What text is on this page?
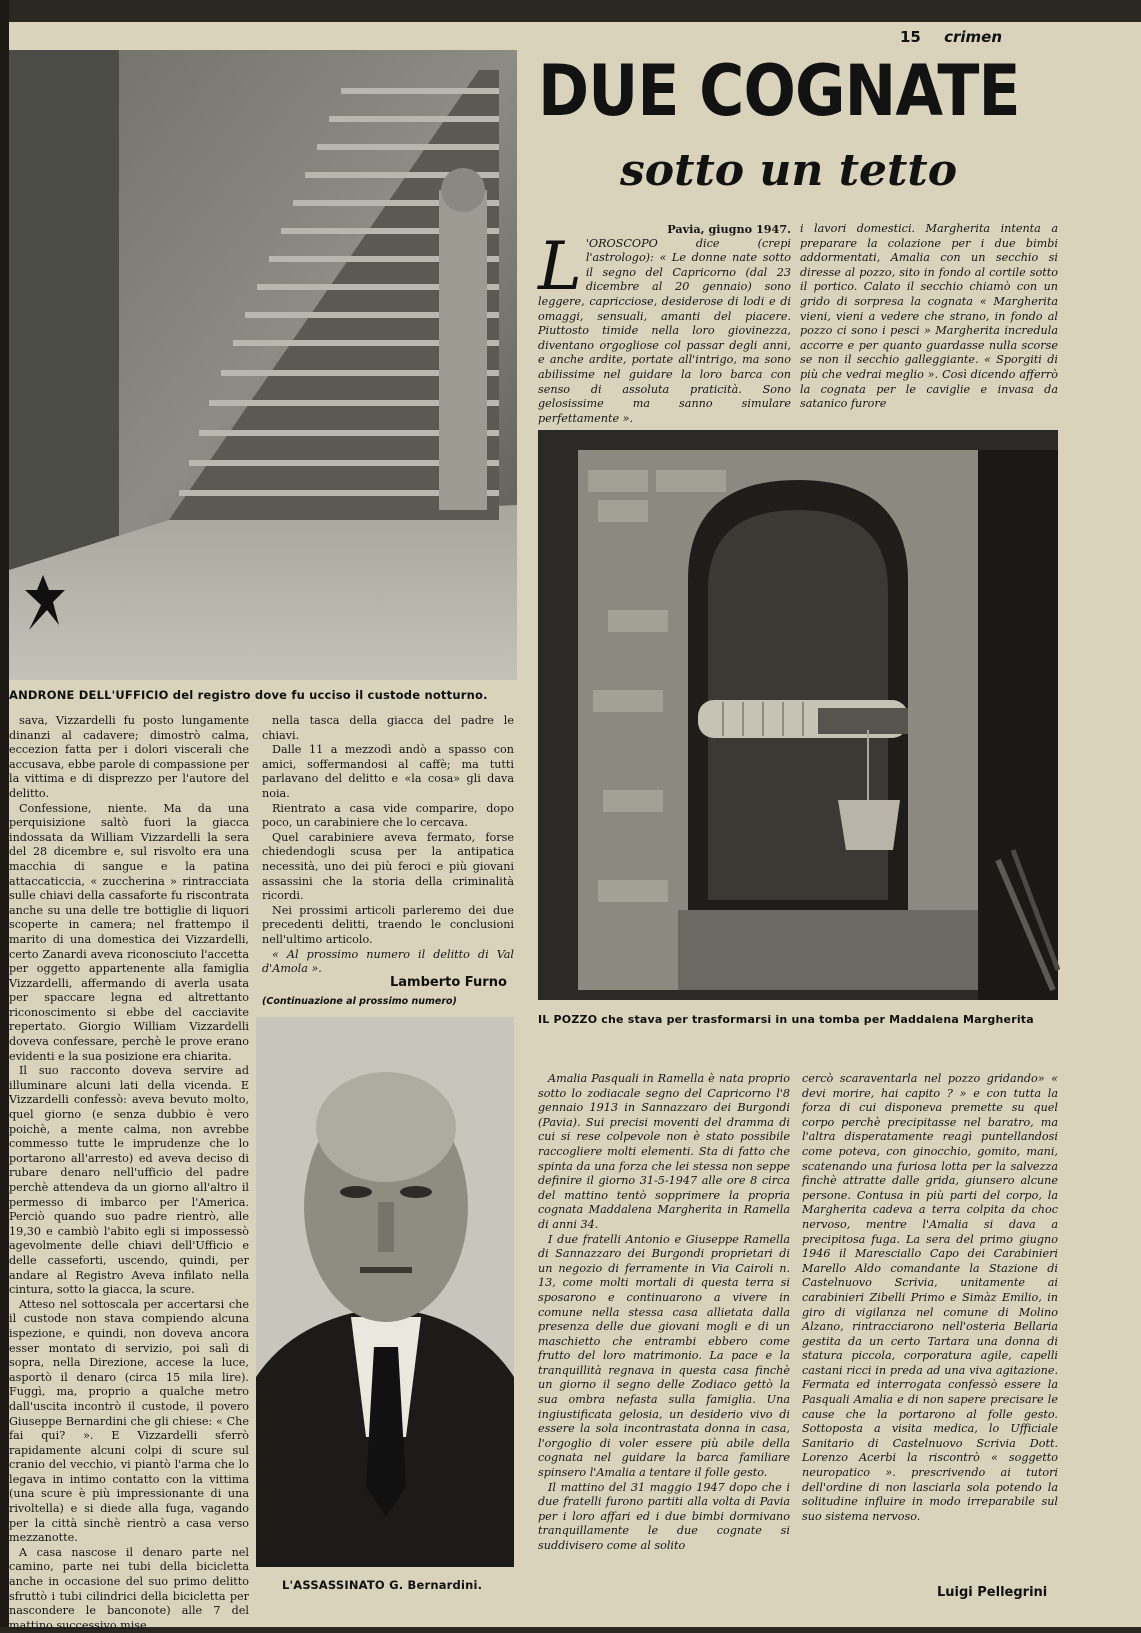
15 crimen
ANDRONE DELL'UFFICIO del registro dove fu ucciso il custode notturno.
DUE COGNATE
sotto un tetto
Pavia, giugno 1947.
L 'OROSCOPO dice (crepi l'astrologo): « Le donne nate sotto il segno del Capricorno (dal 23 dicembre al 20 gennaio) sono leggere, capricciose, desiderose di lodi e di omaggi, sensuali, amanti del piacere. Piuttosto timide nella loro giovinezza, diventano orgogliose col passar degli anni, e anche ardite, portate all'intrigo, ma sono abilissime nel guidare la loro barca con senso di assoluta praticità. Sono gelosissime ma sanno simulare perfettamente ».
i lavori domestici. Margherita intenta a preparare la colazione per i due bimbi addormentati, Amalia con un secchio si diresse al pozzo, sito in fondo al cortile sotto il portico. Calato il secchio chiamò con un grido di sorpresa la cognata « Margherita vieni, vieni a vedere che strano, in fondo al pozzo ci sono i pesci » Margherita incredula accorre e per quanto guardasse nulla scorse se non il secchio galleggiante. « Sporgiti di più che vedrai meglio ». Così dicendo afferrò la cognata per le caviglie e invasa da satanico furore
IL POZZO che stava per trasformarsi in una tomba per Maddalena Margherita

sava, Vizzardelli fu posto lungamente dinanzi al cadavere; dimostrò calma, eccezion fatta per i dolori viscerali che accusava, ebbe parole di compassione per la vittima e di disprezzo per l'autore del delitto.

Confessione, niente. Ma da una perquisizione saltò fuori la giacca indossata da William Vizzardelli la sera del 28 dicembre e, sul risvolto era una macchia di sangue e la patina attaccaticcia, « zuccherina » rintracciata sulle chiavi della cassaforte fu riscontrata anche su una delle tre bottiglie di liquori scoperte in camera; nel frattempo il marito di una domestica dei Vizzardelli, certo Zanardi aveva riconosciuto l'accetta per oggetto appartenente alla famiglia Vizzardelli, affermando di averla usata per spaccare legna ed altrettanto riconoscimento si ebbe del cacciavite repertato. Giorgio William Vizzardelli doveva confessare, perchè le prove erano evidenti e la sua posizione era chiarita.

Il suo racconto doveva servire ad illuminare alcuni lati della vicenda. E Vizzardelli confessò: aveva bevuto molto, quel giorno (e senza dubbio è vero poichè, a mente calma, non avrebbe commesso tutte le imprudenze che lo portarono all'arresto) ed aveva deciso di rubare denaro nell'ufficio del padre perchè attendeva da un giorno all'altro il permesso di imbarco per l'America. Perciò quando suo padre rientrò, alle 19,30 e cambiò l'abito egli si impossessò agevolmente delle chiavi dell'Ufficio e delle casseforti, uscendo, quindi, per andare al Registro Aveva infilato nella cintura, sotto la giacca, la scure.

Atteso nel sottoscala per accertarsi che il custode non stava compiendo alcuna ispezione, e quindi, non doveva ancora esser montato di servizio, poi salì di sopra, nella Direzione, accese la luce, asportò il denaro (circa 15 mila lire). Fuggì, ma, proprio a qualche metro dall'uscita incontrò il custode, il povero Giuseppe Bernardini che gli chiese: « Che fai qui? ». E Vizzardelli sferrò rapidamente alcuni colpi di scure sul cranio del vecchio, vi piantò l'arma che lo legava in intimo contatto con la vittima (una scure è più impressionante di una rivoltella) e si diede alla fuga, vagando per la città sinchè rientrò a casa verso mezzanotte.

A casa nascose il denaro parte nel camino, parte nei tubi della bicicletta anche in occasione del suo primo delitto sfruttò i tubi cilindrici della bicicletta per nascondere le banconote) alle 7 del mattino successivo mise

nella tasca della giacca del padre le chiavi.

Dalle 11 a mezzodì andò a spasso con amici, soffermandosi al caffè; ma tutti parlavano del delitto e «la cosa» gli dava noia.

Rientrato a casa vide comparire, dopo poco, un carabiniere che lo cercava.

Quel carabiniere aveva fermato, forse chiedendogli scusa per la antipatica necessità, uno dei più feroci e più giovani assassini che la storia della criminalità ricordi.

Nei prossimi articoli parleremo dei due precedenti delitti, traendo le conclusioni nell'ultimo articolo.

« Al prossimo numero il delitto di Val d'Amola ».

Lamberto Furno
(Continuazione al prossimo numero)
L'ASSASSINATO G. Bernardini.

Amalia Pasquali in Ramella è nata proprio sotto lo zodiacale segno del Capricorno l'8 gennaio 1913 in Sannazzaro dei Burgondi (Pavia). Sui precisi moventi del dramma di cui si rese colpevole non è stato possibile raccogliere molti elementi. Sta di fatto che spinta da una forza che lei stessa non seppe definire il giorno 31-5-1947 alle ore 8 circa del mattino tentò sopprimere la propria cognata Maddalena Margherita in Ramella di anni 34.

I due fratelli Antonio e Giuseppe Ramella di Sannazzaro dei Burgondi proprietari di un negozio di ferramente in Via Cairoli n. 13, come molti mortali di questa terra si sposarono e continuarono a vivere in comune nella stessa casa allietata dalla presenza delle due giovani mogli e di un maschietto che entrambi ebbero come frutto del loro matrimonio. La pace e la tranquillità regnava in questa casa finchè un giorno il segno delle Zodiaco gettò la sua ombra nefasta sulla famiglia. Una ingiustificata gelosia, un desiderio vivo di essere la sola incontrastata donna in casa, l'orgoglio di voler essere più abile della cognata nel guidare la barca familiare spinsero l'Amalia a tentare il folle gesto.

Il mattino del 31 maggio 1947 dopo che i due fratelli furono partiti alla volta di Pavia per i loro affari ed i due bimbi dormivano tranquillamente le due cognate si suddivisero come al solito

cercò scaraventarla nel pozzo gridando» « devi morire, hai capito ? » e con tutta la forza di cui disponeva premette su quel corpo perchè precipitasse nel baratro, ma l'altra disperatamente reagì puntellandosi come poteva, con ginocchio, gomito, mani, scatenando una furiosa lotta per la salvezza finchè attratte dalle grida, giunsero alcune persone. Contusa in più parti del corpo, la Margherita cadeva a terra colpita da choc nervoso, mentre l'Amalia si dava a precipitosa fuga. La sera del primo giugno 1946 il Maresciallo Capo dei Carabinieri Marello Aldo comandante la Stazione di Castelnuovo Scrivia, unitamente ai carabinieri Zibelli Primo e Simàz Emilio, in giro di vigilanza nel comune di Molino Alzano, rintracciarono nell'osteria Bellaria gestita da un certo Tartara una donna di statura piccola, corporatura agile, capelli castani ricci in preda ad una viva agitazione. Fermata ed interrogata confessò essere la Pasquali Amalia e di non sapere precisare le cause che la portarono al folle gesto. Sottoposta a visita medica, lo Ufficiale Sanitario di Castelnuovo Scrivia Dott. Lorenzo Acerbi la riscontrò « soggetto neuropatico ». prescrivendo ai tutori dell'ordine di non lasciarla sola potendo la solitudine influire in modo irreparabile sul suo sistema nervoso.

Luigi Pellegrini
